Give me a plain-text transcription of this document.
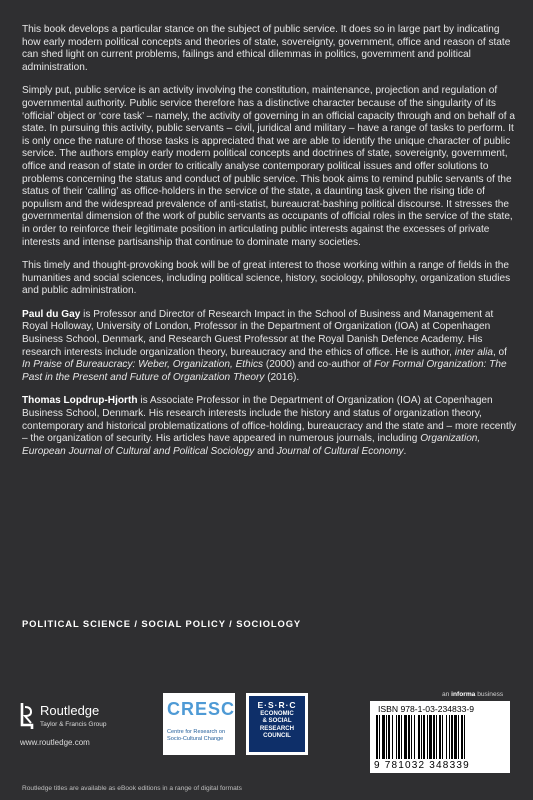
This book develops a particular stance on the subject of public service. It does so in large part by indicating how early modern political concepts and theories of state, sovereignty, government, office and reason of state can shed light on current problems, failings and ethical dilemmas in politics, government and political administration.

Simply put, public service is an activity involving the constitution, maintenance, projection and regulation of governmental authority. Public service therefore has a distinctive character because of the singularity of its ‘official’ object or ‘core task’ – namely, the activity of governing in an official capacity through and on behalf of a state. In pursuing this activity, public servants – civil, juridical and military – have a range of tasks to perform. It is only once the nature of those tasks is appreciated that we are able to identify the unique character of public service. The authors employ early modern political concepts and doctrines of state, sovereignty, government, office and reason of state in order to critically analyse contemporary political issues and offer solutions to problems concerning the status and conduct of public service. This book aims to remind public servants of the status of their ‘calling’ as office-holders in the service of the state, a daunting task given the rising tide of populism and the widespread prevalence of anti-statist, bureaucrat-bashing political discourse. It stresses the governmental dimension of the work of public servants as occupants of official roles in the service of the state, in order to reinforce their legitimate position in articulating public interests against the excesses of private interests and intense partisanship that continue to dominate many societies.

This timely and thought-provoking book will be of great interest to those working within a range of fields in the humanities and social sciences, including political science, history, sociology, philosophy, organization studies and public administration.

Paul du Gay is Professor and Director of Research Impact in the School of Business and Management at Royal Holloway, University of London, Professor in the Department of Organization (IOA) at Copenhagen Business School, Denmark, and Research Guest Professor at the Royal Danish Defence Academy. His research interests include organization theory, bureaucracy and the ethics of office. He is author, inter alia, of In Praise of Bureaucracy: Weber, Organization, Ethics (2000) and co-author of For Formal Organization: The Past in the Present and Future of Organization Theory (2016).

Thomas Lopdrup-Hjorth is Associate Professor in the Department of Organization (IOA) at Copenhagen Business School, Denmark. His research interests include the history and status of organization theory, contemporary and historical problematizations of office-holding, bureaucracy and the state and – more recently – the organization of security. His articles have appeared in numerous journals, including Organization, European Journal of Cultural and Political Sociology and Journal of Cultural Economy.

POLITICAL SCIENCE / SOCIAL POLICY / SOCIOLOGY
an informa business
Routledge
Taylor & Francis Group
www.routledge.com
CRESC
Centre for Research on
Socio-Cultural Change
E·S·R·C
ECONOMIC
& SOCIAL
RESEARCH
COUNCIL
ISBN 978-1-03-234833-9
9 781032 348339
Routledge titles are available as eBook editions in a range of digital formats
